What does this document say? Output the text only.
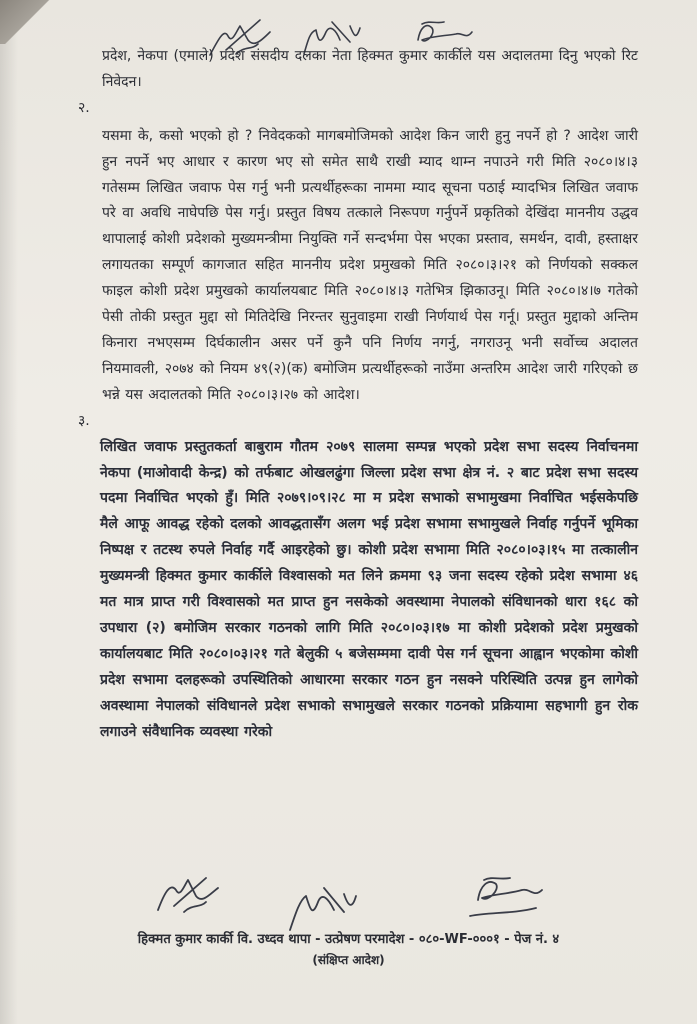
प्रदेश, नेकपा (एमाले) प्रदेश संसदीय दलका नेता हिक्मत कुमार कार्कीले यस अदालतमा दिनु भएको रिट निवेदन।

२.

यसमा के, कसो भएको हो ? निवेदकको मागबमोजिमको आदेश किन जारी हुनु नपर्ने हो ? आदेश जारी हुन नपर्ने भए आधार र कारण भए सो समेत साथै राखी म्याद थाम्न नपाउने गरी मिति २०८०।४।३ गतेसम्म लिखित जवाफ पेस गर्नु भनी प्रत्यर्थीहरूका नाममा म्याद सूचना पठाई म्यादभित्र लिखित जवाफ परे वा अवधि नाघेपछि पेस गर्नु। प्रस्तुत विषय तत्काले निरूपण गर्नुपर्ने प्रकृतिको देखिंदा माननीय उद्धव थापालाई कोशी प्रदेशको मुख्यमन्त्रीमा नियुक्ति गर्ने सन्दर्भमा पेस भएका प्रस्ताव, समर्थन, दावी, हस्ताक्षर लगायतका सम्पूर्ण कागजात सहित माननीय प्रदेश प्रमुखको मिति २०८०।३।२१ को निर्णयको सक्कल फाइल कोशी प्रदेश प्रमुखको कार्यालयबाट मिति २०८०।४।३ गतेभित्र झिकाउनू। मिति २०८०।४।७ गतेको पेसी तोकी प्रस्तुत मुद्दा सो मितिदेखि निरन्तर सुनुवाइमा राखी निर्णयार्थ पेस गर्नू। प्रस्तुत मुद्दाको अन्तिम किनारा नभएसम्म दिर्घकालीन असर पर्ने कुनै पनि निर्णय नगर्नु, नगराउनू भनी सर्वोच्च अदालत नियमावली, २०७४ को नियम ४९(२)(क) बमोजिम प्रत्यर्थीहरूको नाउँमा अन्तरिम आदेश जारी गरिएको छ भन्ने यस अदालतको मिति २०८०।३।२७ को आदेश।

३.

लिखित जवाफ प्रस्तुतकर्ता बाबुराम गौतम २०७९ सालमा सम्पन्न भएको प्रदेश सभा सदस्य निर्वाचनमा नेकपा (माओवादी केन्द्र) को तर्फबाट ओखलढुंगा जिल्ला प्रदेश सभा क्षेत्र नं. २ बाट प्रदेश सभा सदस्य पदमा निर्वाचित भएको हुँ। मिति २०७९।०९।२८ मा म प्रदेश सभाको सभामुखमा निर्वाचित भईसकेपछि मैले आफू आवद्ध रहेको दलको आवद्धतासँग अलग भई प्रदेश सभामा सभामुखले निर्वाह गर्नुपर्ने भूमिका निष्पक्ष र तटस्थ रुपले निर्वाह गर्दै आइरहेको छु। कोशी प्रदेश सभामा मिति २०८०।०३।१५ मा तत्कालीन मुख्यमन्त्री हिक्मत कुमार कार्कीले विश्वासको मत लिने क्रममा ९३ जना सदस्य रहेको प्रदेश सभामा ४६ मत मात्र प्राप्त गरी विश्वासको मत प्राप्त हुन नसकेको अवस्थामा नेपालको संविधानको धारा १६८ को उपधारा (२) बमोजिम सरकार गठनको लागि मिति २०८०।०३।१७ मा कोशी प्रदेशको प्रदेश प्रमुखको कार्यालयबाट मिति २०८०।०३।२१ गते बेलुकी ५ बजेसम्ममा दावी पेस गर्न सूचना आह्वान भएकोमा कोशी प्रदेश सभामा दलहरूको उपस्थितिको आधारमा सरकार गठन हुन नसक्ने परिस्थिति उत्पन्न हुन लागेको अवस्थामा नेपालको संविधानले प्रदेश सभाको सभामुखले सरकार गठनको प्रक्रियामा सहभागी हुन रोक लगाउने संवैधानिक व्यवस्था गरेको

हिक्मत कुमार कार्की वि. उध्दव थापा - उत्प्रेषण परमादेश - ०८०-WF-०००१ - पेज नं. ४
(संक्षिप्त आदेश)
